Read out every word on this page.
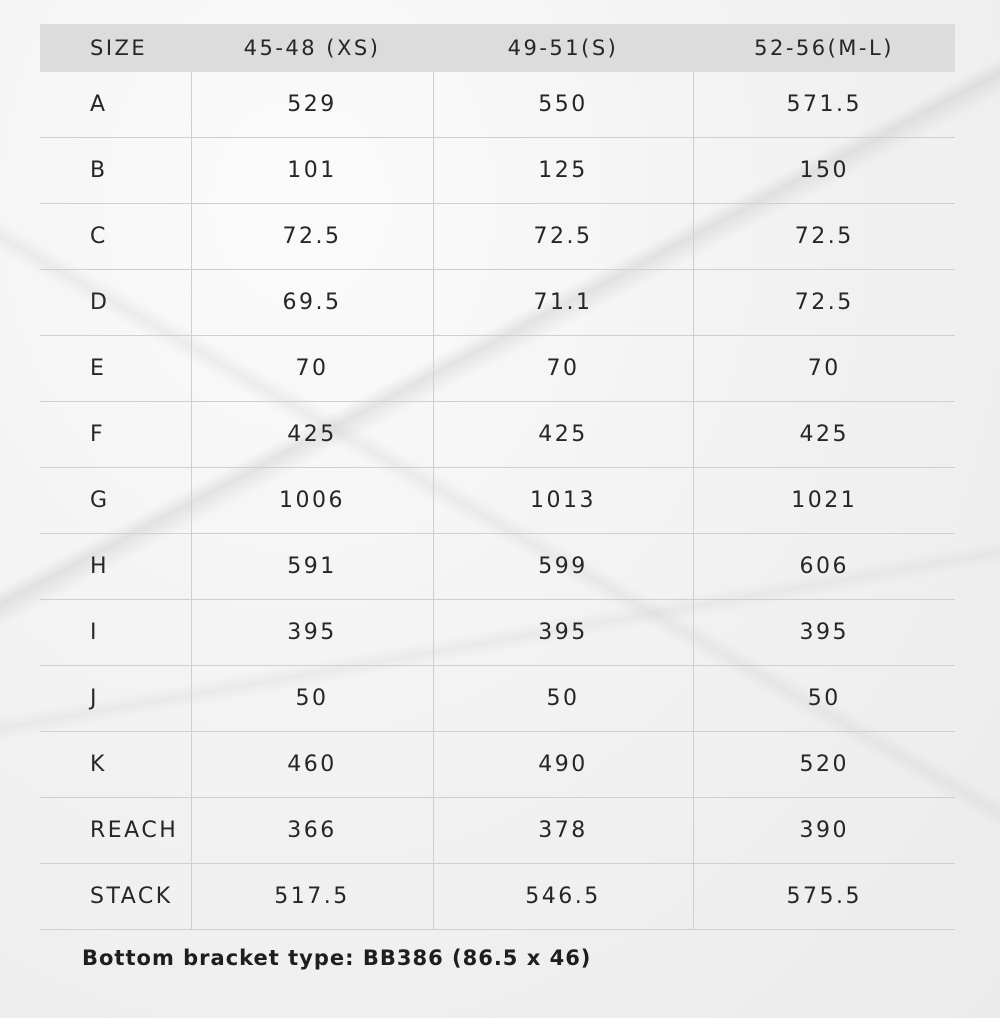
SIZE	45-48 (XS)	49-51(S)	52-56(M-L)
A	529	550	571.5
B	101	125	150
C	72.5	72.5	72.5
D	69.5	71.1	72.5
E	70	70	70
F	425	425	425
G	1006	1013	1021
H	591	599	606
I	395	395	395
J	50	50	50
K	460	490	520
REACH	366	378	390
STACK	517.5	546.5	575.5

Bottom bracket type: BB386 (86.5 x 46)
